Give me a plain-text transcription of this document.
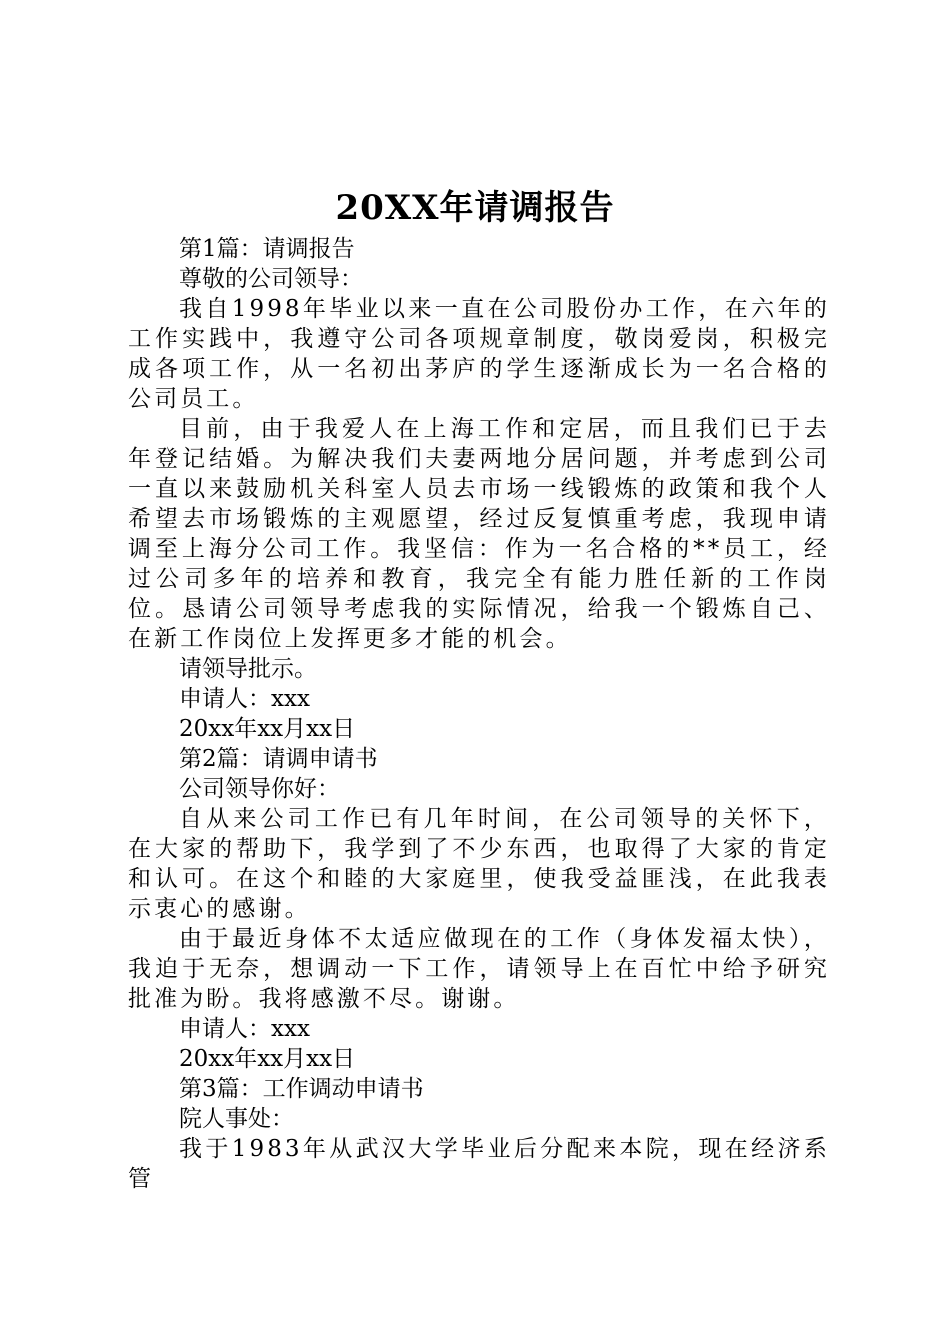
20XX年请调报告
第1篇：请调报告
尊敬的公司领导：

我自1998年毕业以来一直在公司股份办工作，在六年的工作实践中，我遵守公司各项规章制度，敬岗爱岗，积极完成各项工作，从一名初出茅庐的学生逐渐成长为一名合格的公司员工。

目前，由于我爱人在上海工作和定居，而且我们已于去年登记结婚。为解决我们夫妻两地分居问题，并考虑到公司一直以来鼓励机关科室人员去市场一线锻炼的政策和我个人希望去市场锻炼的主观愿望，经过反复慎重考虑，我现申请调至上海分公司工作。我坚信：作为一名合格的**员工，经过公司多年的培养和教育，我完全有能力胜任新的工作岗位。恳请公司领导考虑我的实际情况，给我一个锻炼自己、在新工作岗位上发挥更多才能的机会。

请领导批示。
申请人：xxx
20xx年xx月xx日
第2篇：请调申请书
公司领导你好：

自从来公司工作已有几年时间，在公司领导的关怀下，在大家的帮助下，我学到了不少东西，也取得了大家的肯定和认可。在这个和睦的大家庭里，使我受益匪浅，在此我表示衷心的感谢。

由于最近身体不太适应做现在的工作（身体发福太快），我迫于无奈，想调动一下工作，请领导上在百忙中给予研究批准为盼。我将感激不尽。谢谢。

申请人：xxx
20xx年xx月xx日
第3篇：工作调动申请书
院人事处：

我于1983年从武汉大学毕业后分配来本院，现在经济系管
